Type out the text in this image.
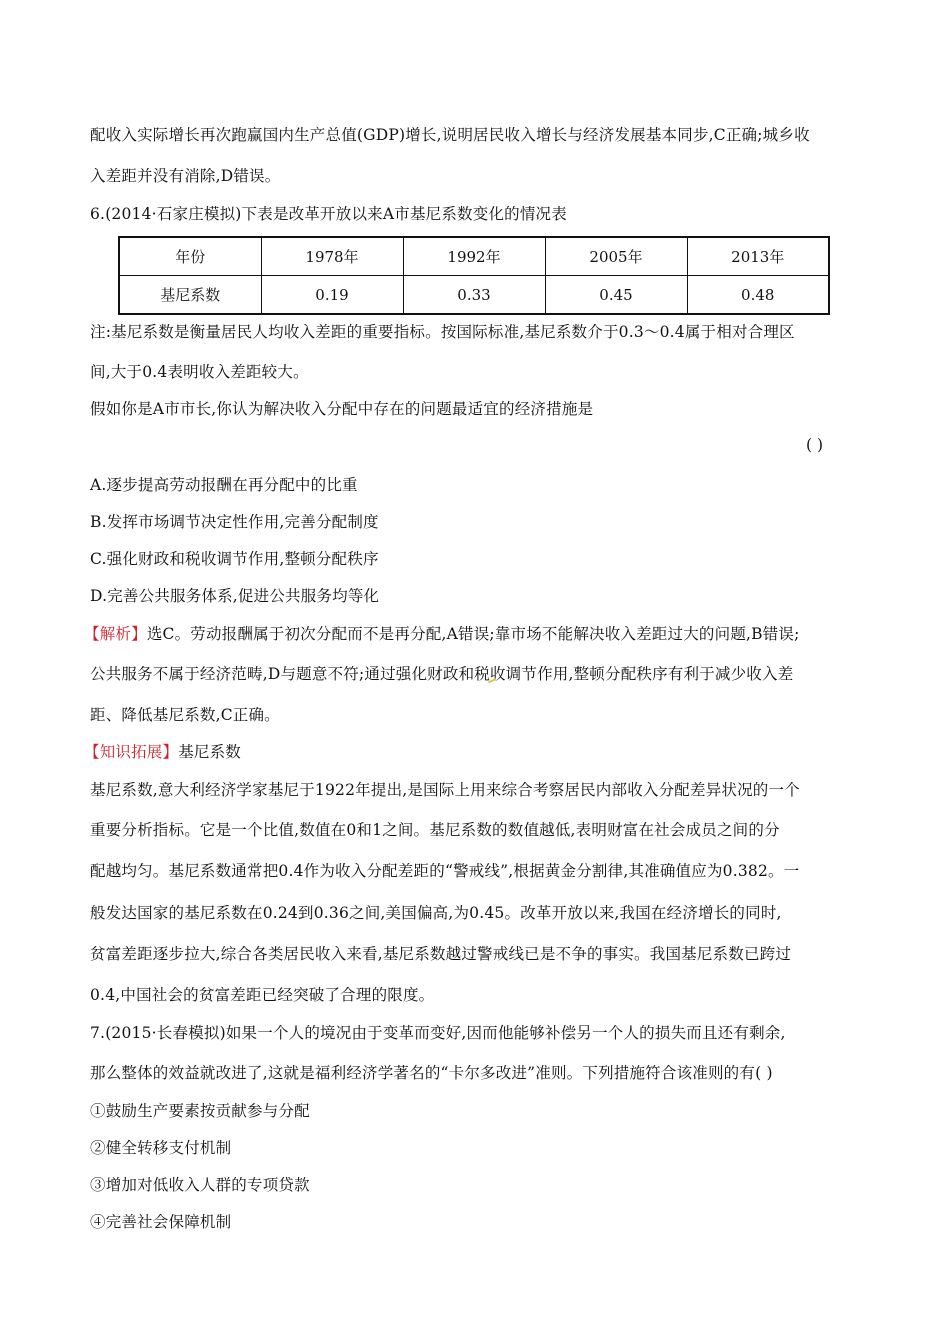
配收入实际增长再次跑赢国内生产总值(GDP)增长,说明居民收入增长与经济发展基本同步,C正确;城乡收
入差距并没有消除,D错误。
6.(2014·石家庄模拟)下表是改革开放以来A市基尼系数变化的情况表
年份	1978年	1992年	2005年	2013年
基尼系数	0.19	0.33	0.45	0.48
注:基尼系数是衡量居民人均收入差距的重要指标。按国际标准,基尼系数介于0.3～0.4属于相对合理区
间,大于0.4表明收入差距较大。
假如你是A市市长,你认为解决收入分配中存在的问题最适宜的经济措施是
( )
A.逐步提高劳动报酬在再分配中的比重
B.发挥市场调节决定性作用,完善分配制度
C.强化财政和税收调节作用,整顿分配秩序
D.完善公共服务体系,促进公共服务均等化
【解析】选C。劳动报酬属于初次分配而不是再分配,A错误;靠市场不能解决收入差距过大的问题,B错误;
公共服务不属于经济范畴,D与题意不符;通过强化财政和税收调节作用,整顿分配秩序有利于减少收入差
距、降低基尼系数,C正确。
【知识拓展】基尼系数
基尼系数,意大利经济学家基尼于1922年提出,是国际上用来综合考察居民内部收入分配差异状况的一个
重要分析指标。它是一个比值,数值在0和1之间。基尼系数的数值越低,表明财富在社会成员之间的分
配越均匀。基尼系数通常把0.4作为收入分配差距的“警戒线”,根据黄金分割律,其准确值应为0.382。一
般发达国家的基尼系数在0.24到0.36之间,美国偏高,为0.45。改革开放以来,我国在经济增长的同时,
贫富差距逐步拉大,综合各类居民收入来看,基尼系数越过警戒线已是不争的事实。我国基尼系数已跨过
0.4,中国社会的贫富差距已经突破了合理的限度。
7.(2015·长春模拟)如果一个人的境况由于变革而变好,因而他能够补偿另一个人的损失而且还有剩余,
那么整体的效益就改进了,这就是福利经济学著名的“卡尔多改进”准则。下列措施符合该准则的有( )
①鼓励生产要素按贡献参与分配
②健全转移支付机制
③增加对低收入人群的专项贷款
④完善社会保障机制
